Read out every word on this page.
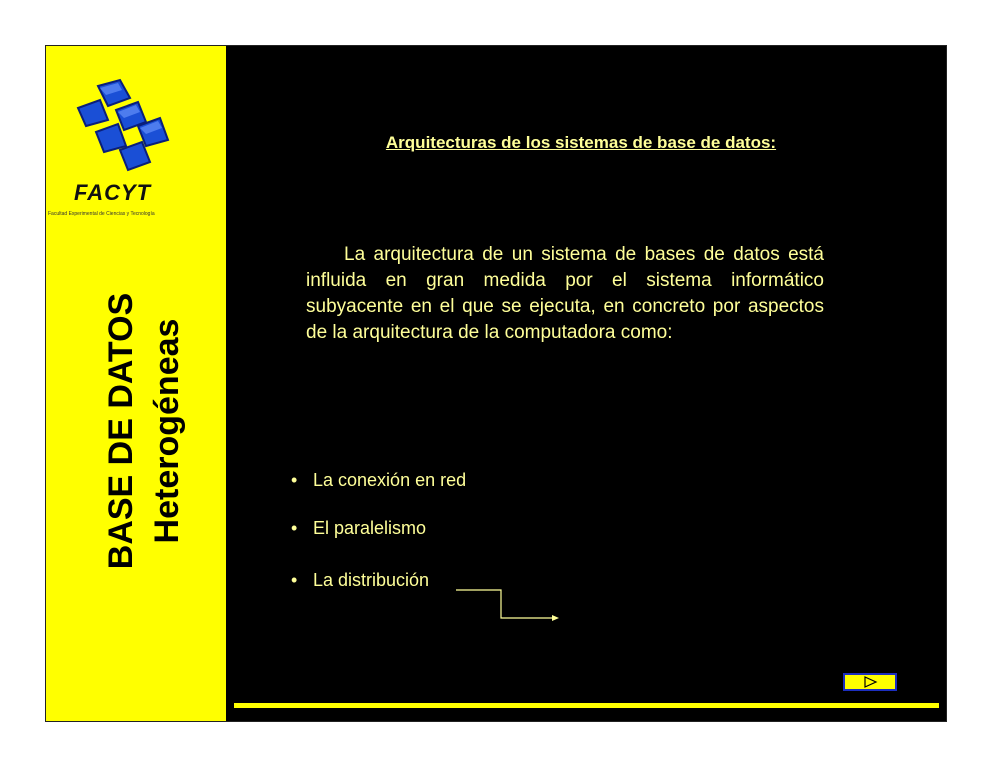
FACYT
Facultad Experimental de Ciencias y Tecnología
BASE DE DATOS Heterogéneas
Arquitecturas de los sistemas de base de datos:
La arquitectura de un sistema de bases de datos está influida en gran medida por el sistema informático subyacente en el que se ejecuta, en concreto por aspectos de la arquitectura de la computadora como:
• La conexión en red
• El paralelismo
• La distribución
